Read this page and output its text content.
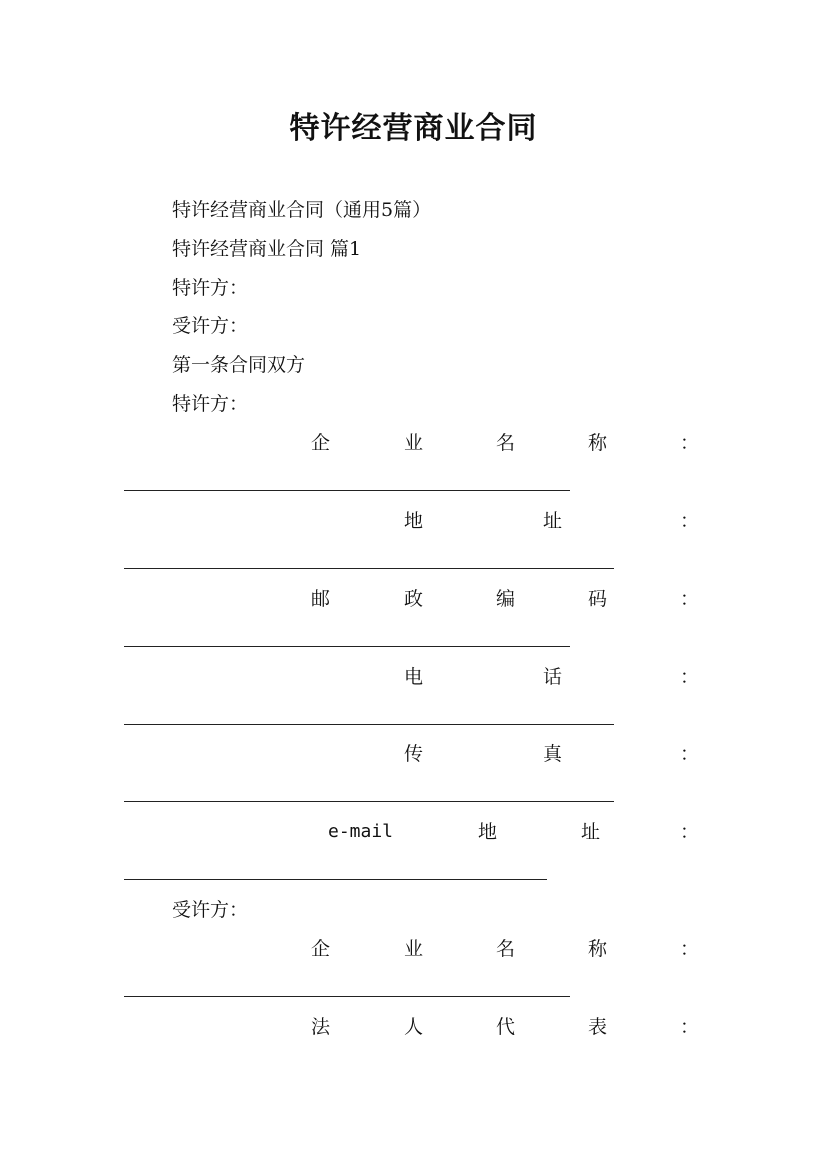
特许经营商业合同

特许经营商业合同（通用5篇）

特许经营商业合同 篇1

特许方：

受许方：

第一条合同双方

特许方：

企	业	名	称	：
地	址	：
邮	政	编	码	：
电	话	：
传	真	：
e-mail	地	址	：

受许方：

企	业	名	称	：
法	人	代	表	：
